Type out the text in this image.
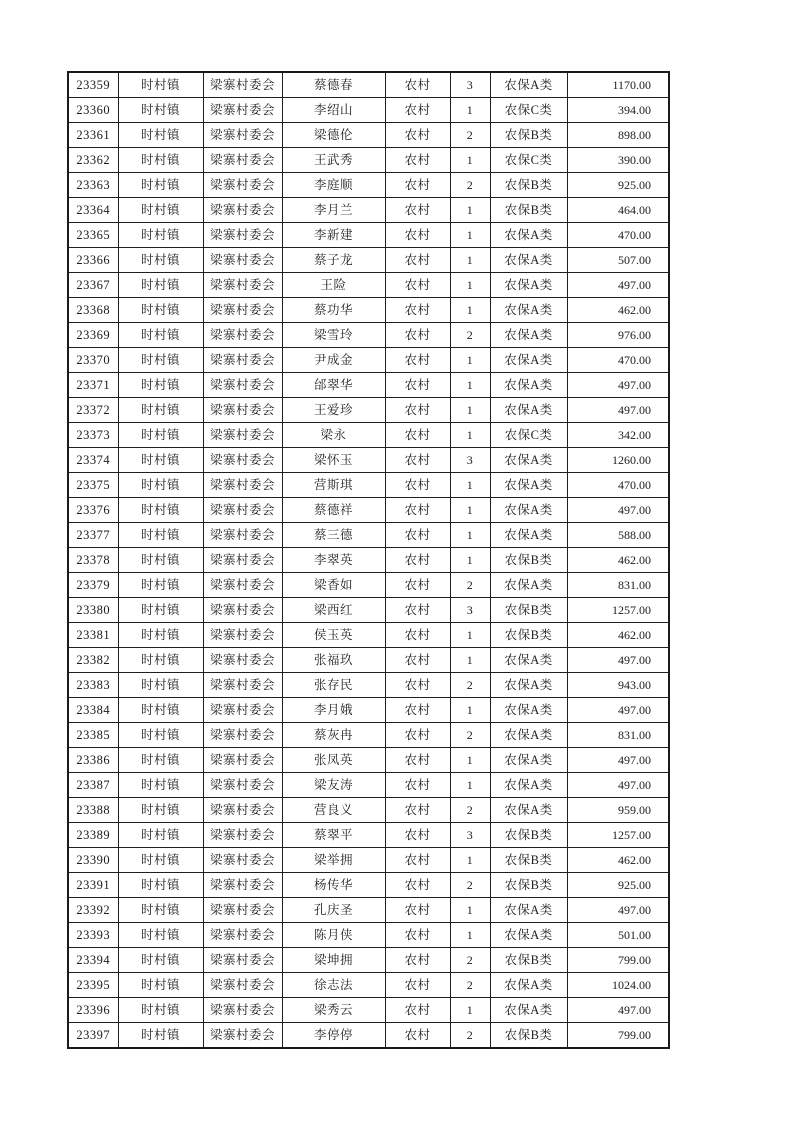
23359	时村镇	梁寨村委会	蔡德春	农村	3	农保A类	1170.00
23360	时村镇	梁寨村委会	李绍山	农村	1	农保C类	394.00
23361	时村镇	梁寨村委会	梁德伦	农村	2	农保B类	898.00
23362	时村镇	梁寨村委会	王武秀	农村	1	农保C类	390.00
23363	时村镇	梁寨村委会	李庭顺	农村	2	农保B类	925.00
23364	时村镇	梁寨村委会	李月兰	农村	1	农保B类	464.00
23365	时村镇	梁寨村委会	李新建	农村	1	农保A类	470.00
23366	时村镇	梁寨村委会	蔡子龙	农村	1	农保A类	507.00
23367	时村镇	梁寨村委会	王险	农村	1	农保A类	497.00
23368	时村镇	梁寨村委会	蔡功华	农村	1	农保A类	462.00
23369	时村镇	梁寨村委会	梁雪玲	农村	2	农保A类	976.00
23370	时村镇	梁寨村委会	尹成金	农村	1	农保A类	470.00
23371	时村镇	梁寨村委会	邰翠华	农村	1	农保A类	497.00
23372	时村镇	梁寨村委会	王爱珍	农村	1	农保A类	497.00
23373	时村镇	梁寨村委会	梁永	农村	1	农保C类	342.00
23374	时村镇	梁寨村委会	梁怀玉	农村	3	农保A类	1260.00
23375	时村镇	梁寨村委会	营斯琪	农村	1	农保A类	470.00
23376	时村镇	梁寨村委会	蔡德祥	农村	1	农保A类	497.00
23377	时村镇	梁寨村委会	蔡三德	农村	1	农保A类	588.00
23378	时村镇	梁寨村委会	李翠英	农村	1	农保B类	462.00
23379	时村镇	梁寨村委会	梁香如	农村	2	农保A类	831.00
23380	时村镇	梁寨村委会	梁西红	农村	3	农保B类	1257.00
23381	时村镇	梁寨村委会	侯玉英	农村	1	农保B类	462.00
23382	时村镇	梁寨村委会	张福玖	农村	1	农保A类	497.00
23383	时村镇	梁寨村委会	张存民	农村	2	农保A类	943.00
23384	时村镇	梁寨村委会	李月娥	农村	1	农保A类	497.00
23385	时村镇	梁寨村委会	蔡灰冉	农村	2	农保A类	831.00
23386	时村镇	梁寨村委会	张凤英	农村	1	农保A类	497.00
23387	时村镇	梁寨村委会	梁友涛	农村	1	农保A类	497.00
23388	时村镇	梁寨村委会	营良义	农村	2	农保A类	959.00
23389	时村镇	梁寨村委会	蔡翠平	农村	3	农保B类	1257.00
23390	时村镇	梁寨村委会	梁举拥	农村	1	农保B类	462.00
23391	时村镇	梁寨村委会	杨传华	农村	2	农保B类	925.00
23392	时村镇	梁寨村委会	孔庆圣	农村	1	农保A类	497.00
23393	时村镇	梁寨村委会	陈月侠	农村	1	农保A类	501.00
23394	时村镇	梁寨村委会	梁坤拥	农村	2	农保B类	799.00
23395	时村镇	梁寨村委会	徐志法	农村	2	农保A类	1024.00
23396	时村镇	梁寨村委会	梁秀云	农村	1	农保A类	497.00
23397	时村镇	梁寨村委会	李停停	农村	2	农保B类	799.00
